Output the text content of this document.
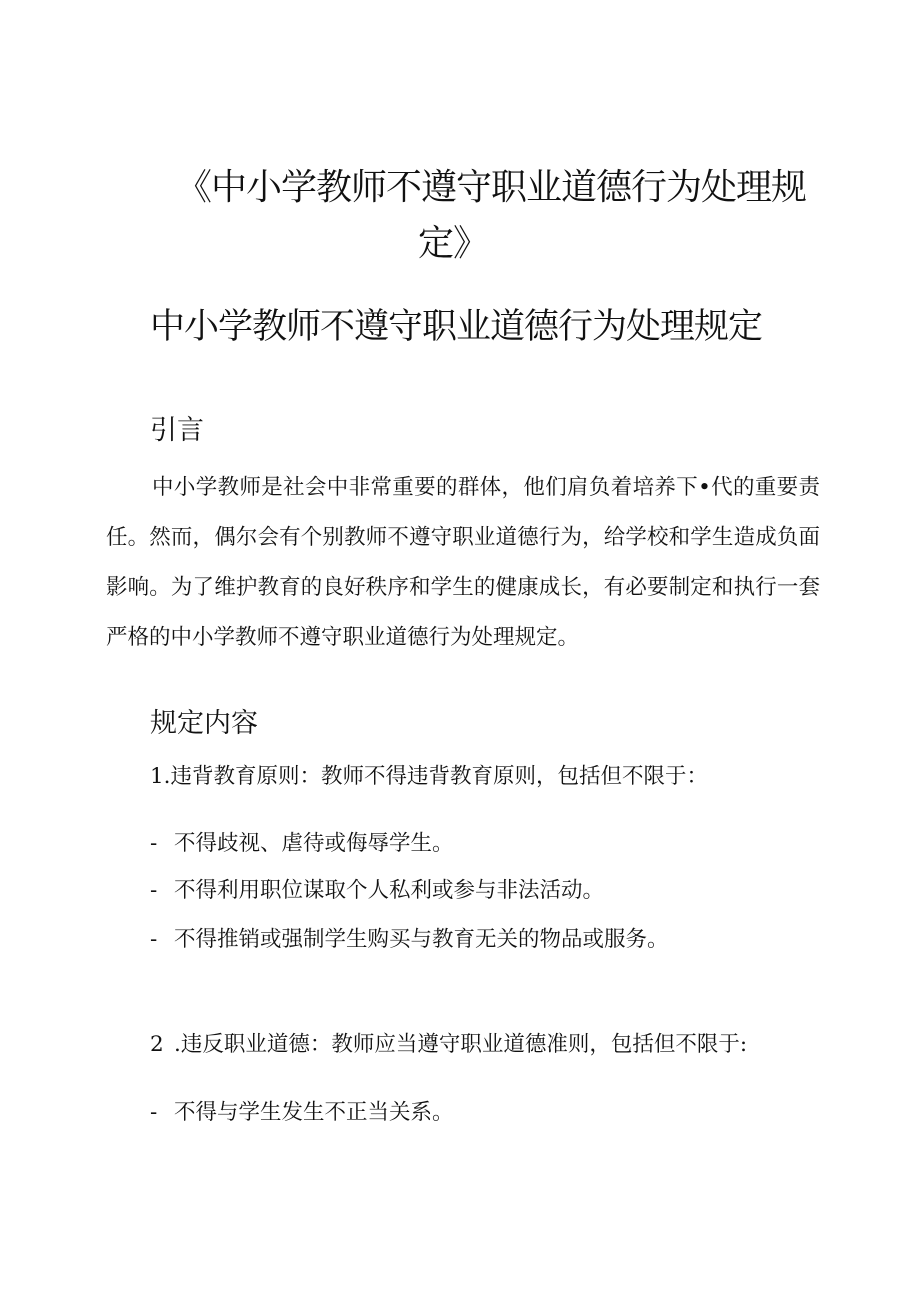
《中小学教师不遵守职业道德行为处理规
定》
中小学教师不遵守职业道德行为处理规定
引言

中小学教师是社会中非常重要的群体，他们肩负着培养下•代的重要责任。然而，偶尔会有个别教师不遵守职业道德行为，给学校和学生造成负面影响。为了维护教育的良好秩序和学生的健康成长，有必要制定和执行一套严格的中小学教师不遵守职业道德行为处理规定。

规定内容

1.违背教育原则：教师不得违背教育原则，包括但不限于：

- 不得歧视、虐待或侮辱学生。

- 不得利用职位谋取个人私利或参与非法活动。

- 不得推销或强制学生购买与教育无关的物品或服务。

2 .违反职业道德：教师应当遵守职业道德准则，包括但不限于:

- 不得与学生发生不正当关系。
